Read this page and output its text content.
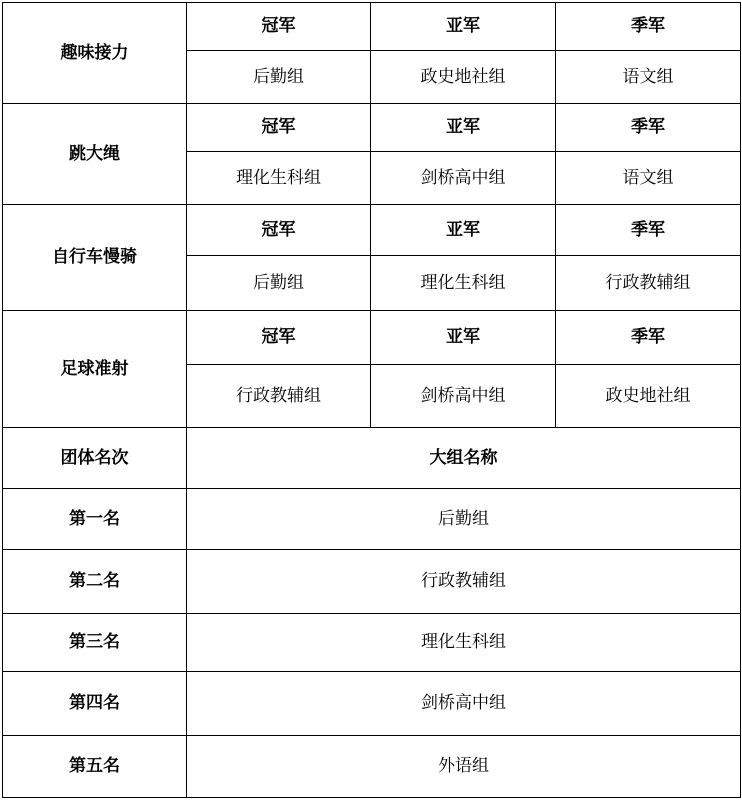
趣味接力	冠军	亚军	季军
	后勤组	政史地社组	语文组
跳大绳	冠军	亚军	季军
	理化生科组	剑桥高中组	语文组
自行车慢骑	冠军	亚军	季军
	后勤组	理化生科组	行政教辅组
足球准射	冠军	亚军	季军
	行政教辅组	剑桥高中组	政史地社组
团体名次	大组名称		
第一名	后勤组		
第二名	行政教辅组		
第三名	理化生科组		
第四名	剑桥高中组		
第五名	外语组		
